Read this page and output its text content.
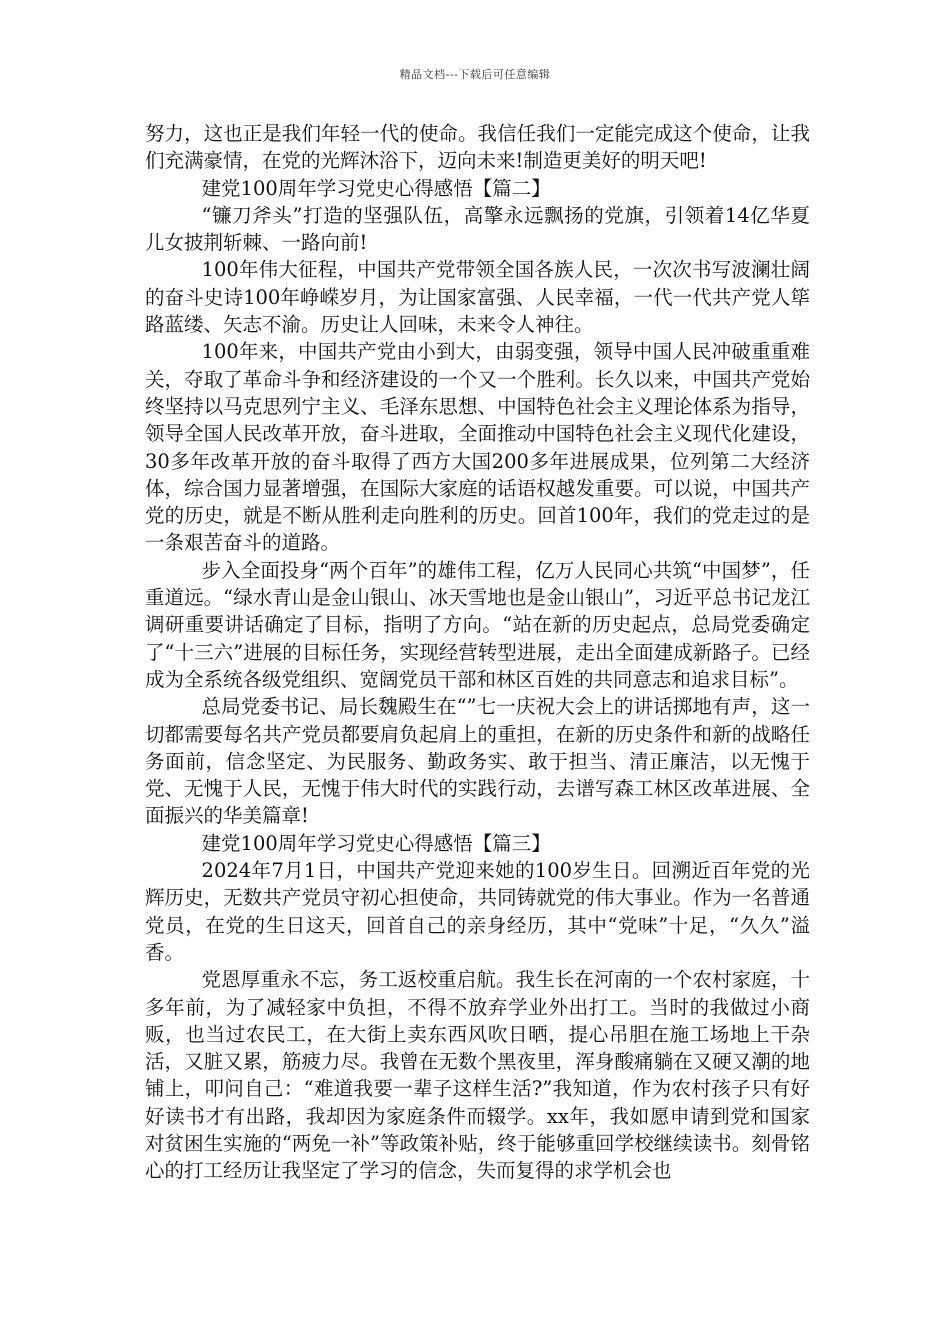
精品文档---下载后可任意编辑

努力，这也正是我们年轻一代的使命。我信任我们一定能完成这个使命，让我们充满豪情，在党的光辉沐浴下，迈向未来!制造更美好的明天吧!

建党100周年学习党史心得感悟【篇二】

“镰刀斧头”打造的坚强队伍，高擎永远飘扬的党旗，引领着14亿华夏儿女披荆斩棘、一路向前!

100年伟大征程，中国共产党带领全国各族人民，一次次书写波澜壮阔的奋斗史诗100年峥嵘岁月，为让国家富强、人民幸福，一代一代共产党人筚路蓝缕、矢志不渝。历史让人回味，未来令人神往。

100年来，中国共产党由小到大，由弱变强，领导中国人民冲破重重难关，夺取了革命斗争和经济建设的一个又一个胜利。长久以来，中国共产党始终坚持以马克思列宁主义、毛泽东思想、中国特色社会主义理论体系为指导，领导全国人民改革开放，奋斗进取，全面推动中国特色社会主义现代化建设，30多年改革开放的奋斗取得了西方大国200多年进展成果，位列第二大经济体，综合国力显著增强，在国际大家庭的话语权越发重要。可以说，中国共产党的历史，就是不断从胜利走向胜利的历史。回首100年，我们的党走过的是一条艰苦奋斗的道路。

步入全面投身“两个百年”的雄伟工程，亿万人民同心共筑“中国梦”，任重道远。“绿水青山是金山银山、冰天雪地也是金山银山”，习近平总书记龙江调研重要讲话确定了目标，指明了方向。“站在新的历史起点，总局党委确定了“十三六”进展的目标任务，实现经营转型进展，走出全面建成新路子。已经成为全系统各级党组织、宽阔党员干部和林区百姓的共同意志和追求目标”。

总局党委书记、局长魏殿生在“”七一庆祝大会上的讲话掷地有声，这一切都需要每名共产党员都要肩负起肩上的重担，在新的历史条件和新的战略任务面前，信念坚定、为民服务、勤政务实、敢于担当、清正廉洁，以无愧于党、无愧于人民，无愧于伟大时代的实践行动，去谱写森工林区改革进展、全面振兴的华美篇章!

建党100周年学习党史心得感悟【篇三】

2024年7月1日，中国共产党迎来她的100岁生日。回溯近百年党的光辉历史，无数共产党员守初心担使命，共同铸就党的伟大事业。作为一名普通党员，在党的生日这天，回首自己的亲身经历，其中“党味”十足，“久久”溢香。

党恩厚重永不忘，务工返校重启航。我生长在河南的一个农村家庭，十多年前，为了减轻家中负担，不得不放弃学业外出打工。当时的我做过小商贩，也当过农民工，在大街上卖东西风吹日晒，提心吊胆在施工场地上干杂活，又脏又累，筋疲力尽。我曾在无数个黑夜里，浑身酸痛躺在又硬又潮的地铺上，叩问自己：“难道我要一辈子这样生活?”我知道，作为农村孩子只有好好读书才有出路，我却因为家庭条件而辍学。xx年，我如愿申请到党和国家对贫困生实施的“两免一补”等政策补贴，终于能够重回学校继续读书。刻骨铭心的打工经历让我坚定了学习的信念，失而复得的求学机会也
